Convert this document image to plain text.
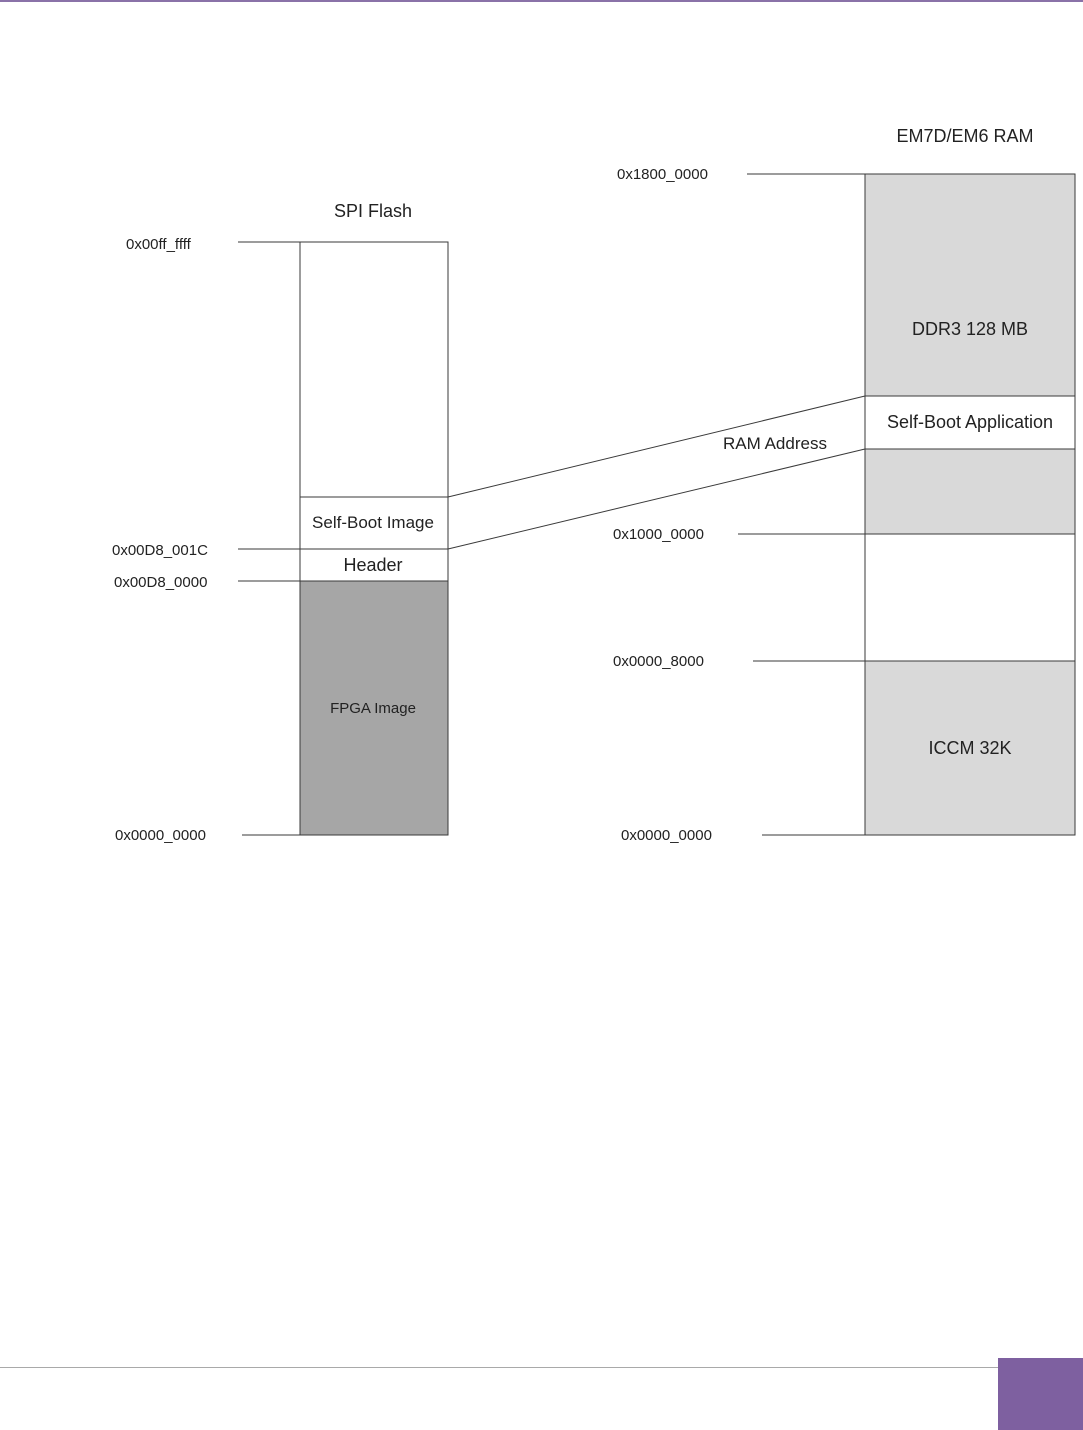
SPI Flash
Self-Boot Image
Header
FPGA Image
0x00ff_ffff
0x00D8_001C
0x00D8_0000
0x0000_0000
RAM Address
EM7D/EM6 RAM
DDR3 128 MB
Self-Boot Application
ICCM 32K
0x1800_0000
0x1000_0000
0x0000_8000
0x0000_0000
